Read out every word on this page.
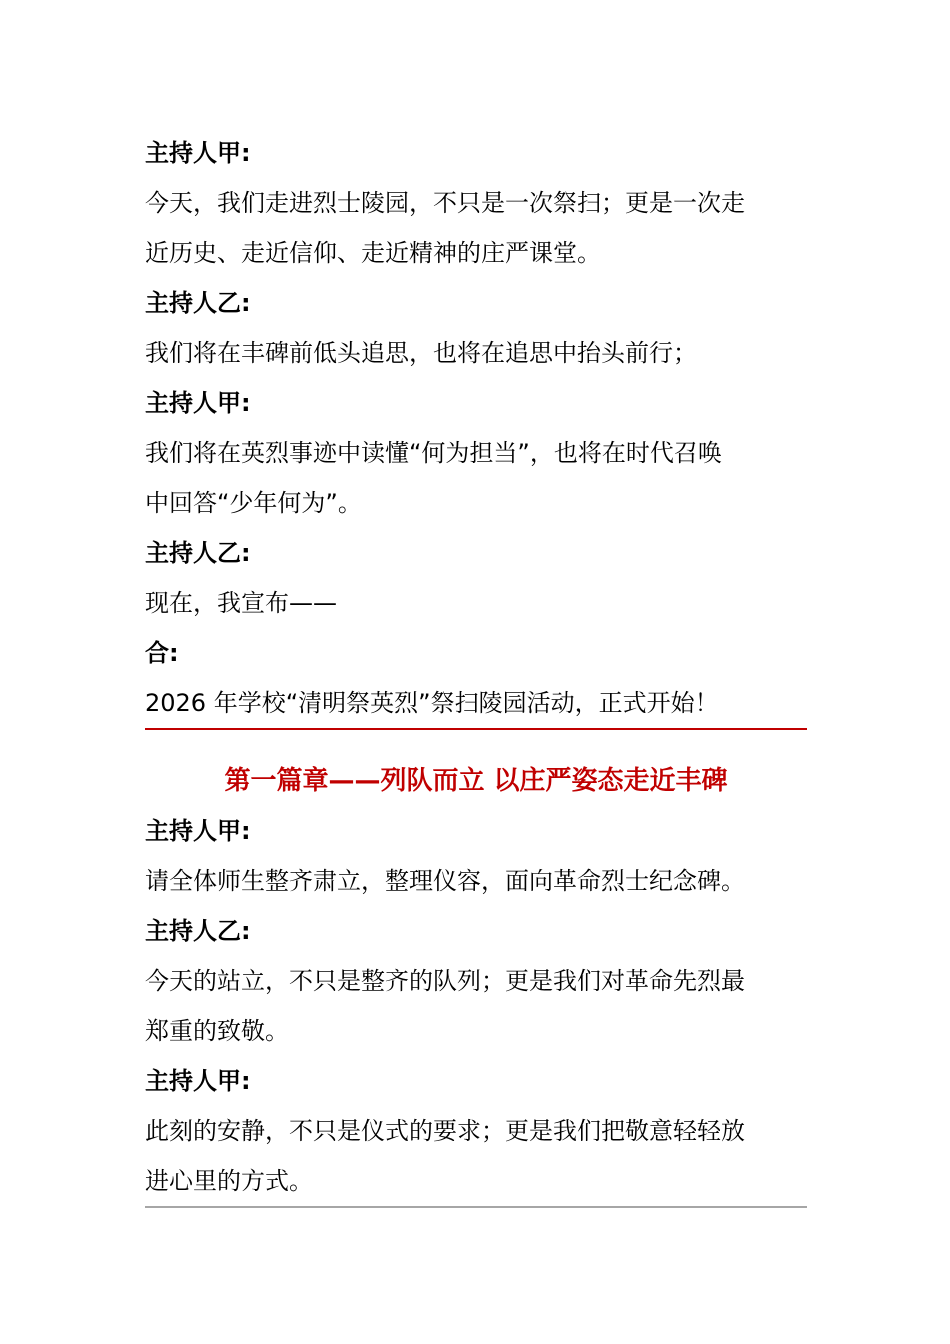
主持人甲:
今天，我们走进烈士陵园，不只是一次祭扫；更是一次走
近历史、走近信仰、走近精神的庄严课堂。
主持人乙:
我们将在丰碑前低头追思，也将在追思中抬头前行；
主持人甲:
我们将在英烈事迹中读懂“何为担当”，也将在时代召唤
中回答“少年何为”。
主持人乙:
现在，我宣布——
合:
2026 年学校“清明祭英烈”祭扫陵园活动，正式开始！
第一篇章——列队而立 以庄严姿态走近丰碑
主持人甲:
请全体师生整齐肃立，整理仪容，面向革命烈士纪念碑。
主持人乙:
今天的站立，不只是整齐的队列；更是我们对革命先烈最
郑重的致敬。
主持人甲:
此刻的安静，不只是仪式的要求；更是我们把敬意轻轻放
进心里的方式。
